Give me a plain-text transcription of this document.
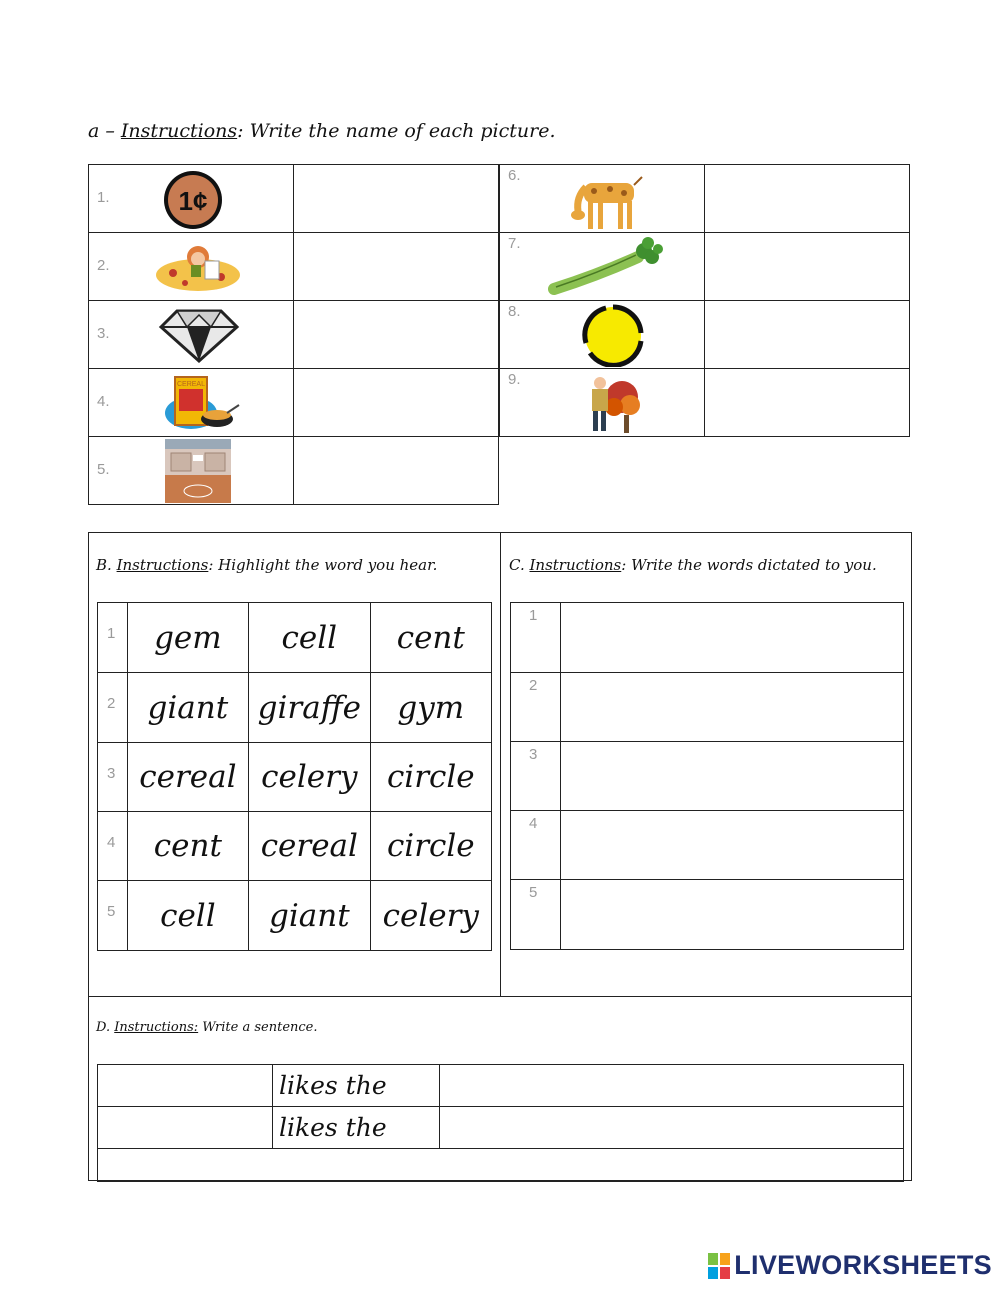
a – Instructions: Write the name of each picture.
1. 1¢

2.

3.

4.
CEREAL

5.

6.

7.

8.

9.

B. Instructions: Highlight the word you hear.
1	gem	cell	cent

2	giant	giraffe	gym

3	cereal	celery	circle

4	cent	cereal	circle

5	cell	giant	celery
C. Instructions: Write the words dictated to you.
1

2

3

4

5

D. Instructions: Write a sentence.
	likes the	
	likes the	

LIVEWORKSHEETS
